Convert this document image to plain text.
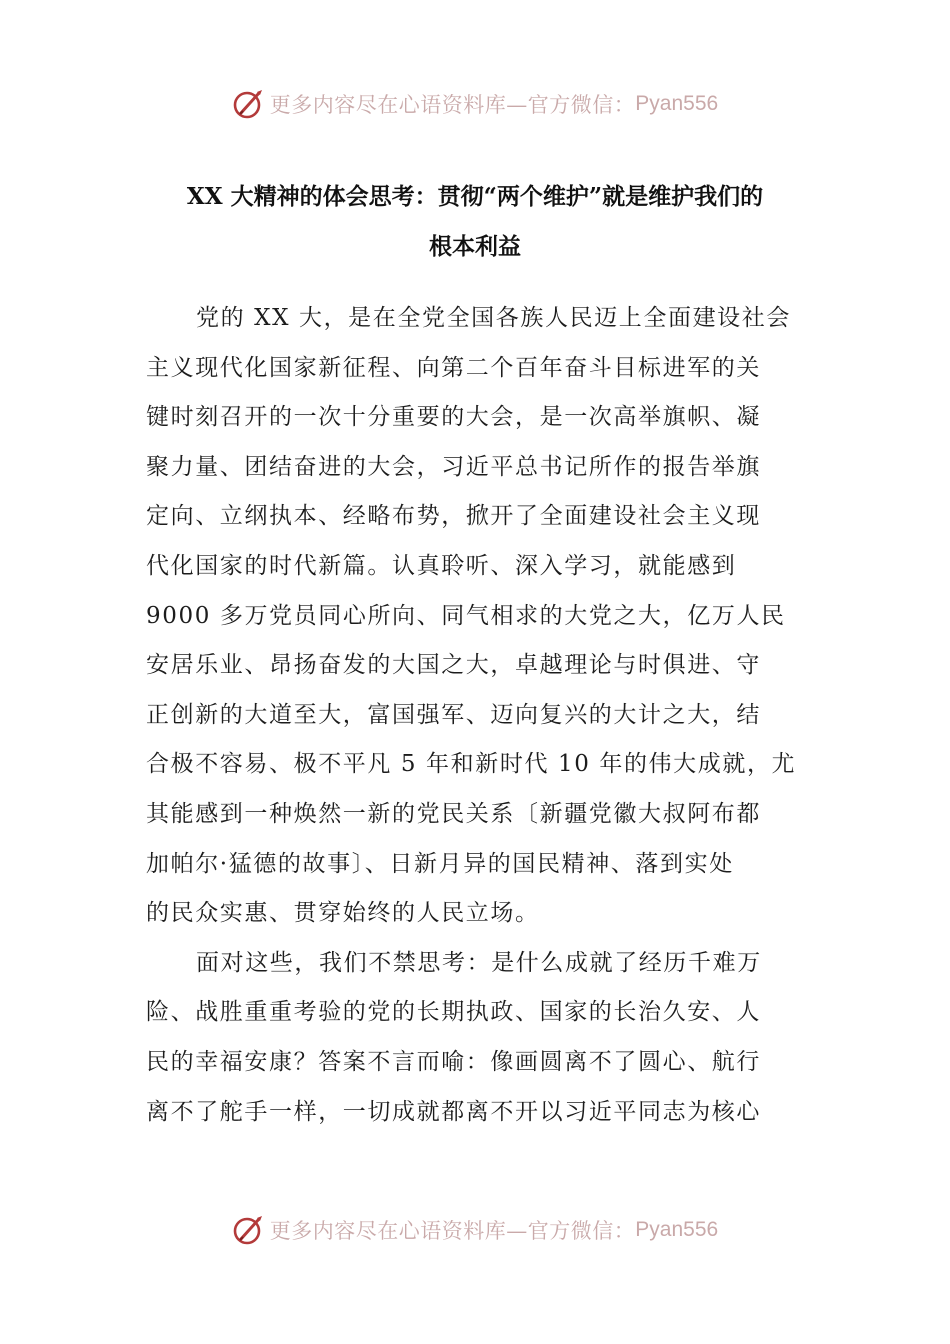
更多内容尽在心语资料库—官方微信： Pyan556
XX 大精神的体会思考：贯彻“两个维护”就是维护我们的
根本利益
党的 XX 大，是在全党全国各族人民迈上全面建设社会
主义现代化国家新征程、向第二个百年奋斗目标进军的关
键时刻召开的一次十分重要的大会，是一次高举旗帜、凝
聚力量、团结奋进的大会，习近平总书记所作的报告举旗
定向、立纲执本、经略布势，掀开了全面建设社会主义现
代化国家的时代新篇。认真聆听、深入学习，就能感到
9000 多万党员同心所向、同气相求的大党之大，亿万人民
安居乐业、昂扬奋发的大国之大，卓越理论与时俱进、守
正创新的大道至大，富国强军、迈向复兴的大计之大，结
合极不容易、极不平凡 5 年和新时代 10 年的伟大成就，尤
其能感到一种焕然一新的党民关系〔新疆党徽大叔阿布都
加帕尔·猛德的故事〕、日新月异的国民精神、落到实处
的民众实惠、贯穿始终的人民立场。
面对这些，我们不禁思考：是什么成就了经历千难万
险、战胜重重考验的党的长期执政、国家的长治久安、人
民的幸福安康？答案不言而喻：像画圆离不了圆心、航行
离不了舵手一样，一切成就都离不开以习近平同志为核心
更多内容尽在心语资料库—官方微信： Pyan556
